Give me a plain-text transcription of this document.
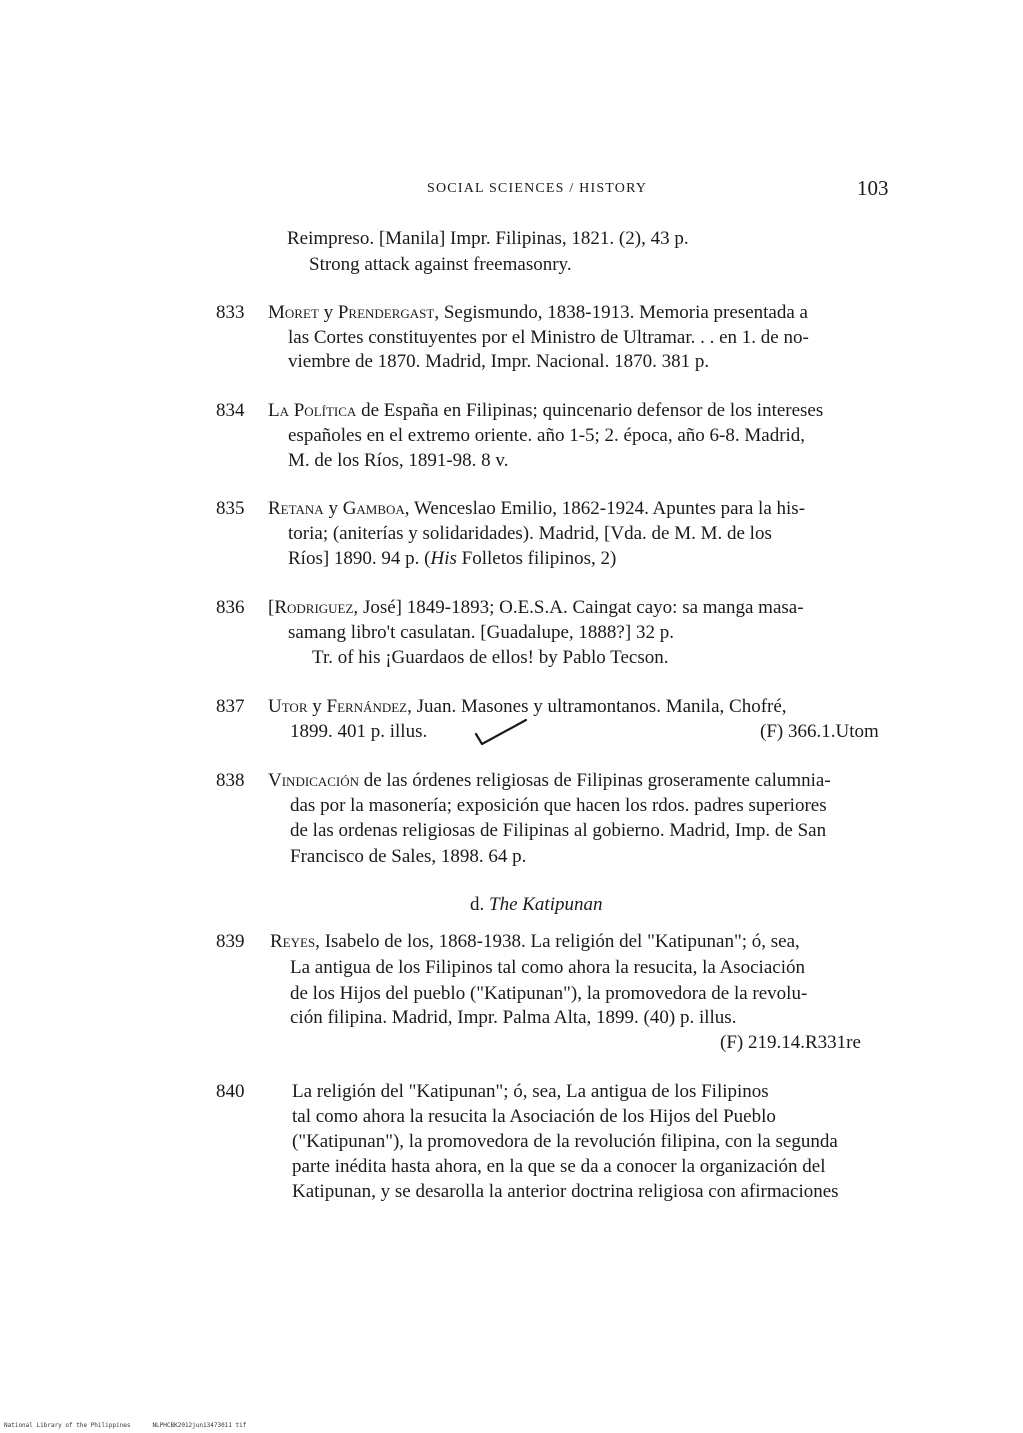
SOCIAL SCIENCES / HISTORY	103
Reimpreso. [Manila] Impr. Filipinas, 1821. (2), 43 p.
Strong attack against freemasonry.
833 Moret y Prendergast, Segismundo, 1838-1913. Memoria presentada a
las Cortes constituyentes por el Ministro de Ultramar. . . en 1. de no-
viembre de 1870. Madrid, Impr. Nacional. 1870. 381 p.
834 La Política de España en Filipinas; quincenario defensor de los intereses
españoles en el extremo oriente. año 1-5; 2. época, año 6-8. Madrid,
M. de los Ríos, 1891-98. 8 v.
835 Retana y Gamboa, Wenceslao Emilio, 1862-1924. Apuntes para la his-
toria; (aniterías y solidaridades). Madrid, [Vda. de M. M. de los
Ríos] 1890. 94 p. (His Folletos filipinos, 2)
836 [Rodriguez, José] 1849-1893; O.E.S.A. Caingat cayo: sa manga masa-
samang libro't casulatan. [Guadalupe, 1888?] 32 p.
Tr. of his ¡Guardaos de ellos! by Pablo Tecson.
837 Utor y Fernández, Juan. Masones y ultramontanos. Manila, Chofré,
1899. 401 p. illus.	(F) 366.1.Utom
838 Vindicación de las órdenes religiosas de Filipinas groseramente calumnia-
das por la masonería; exposición que hacen los rdos. padres superiores
de las ordenas religiosas de Filipinas al gobierno. Madrid, Imp. de San
Francisco de Sales, 1898. 64 p.
d. The Katipunan
839 Reyes, Isabelo de los, 1868-1938. La religión del "Katipunan"; ó, sea,
La antigua de los Filipinos tal como ahora la resucita, la Asociación
de los Hijos del pueblo ("Katipunan"), la promovedora de la revolu-
ción filipina. Madrid, Impr. Palma Alta, 1899. (40) p. illus.
(F) 219.14.R331re
840	La religión del "Katipunan"; ó, sea, La antigua de los Filipinos
tal como ahora la resucita la Asociación de los Hijos del Pueblo
("Katipunan"), la promovedora de la revolución filipina, con la segunda
parte inédita hasta ahora, en la que se da a conocer la organización del
Katipunan, y se desarolla la anterior doctrina religiosa con afirmaciones
National Library of the Philippines	NLPHCBK2012jun13473011 tif
